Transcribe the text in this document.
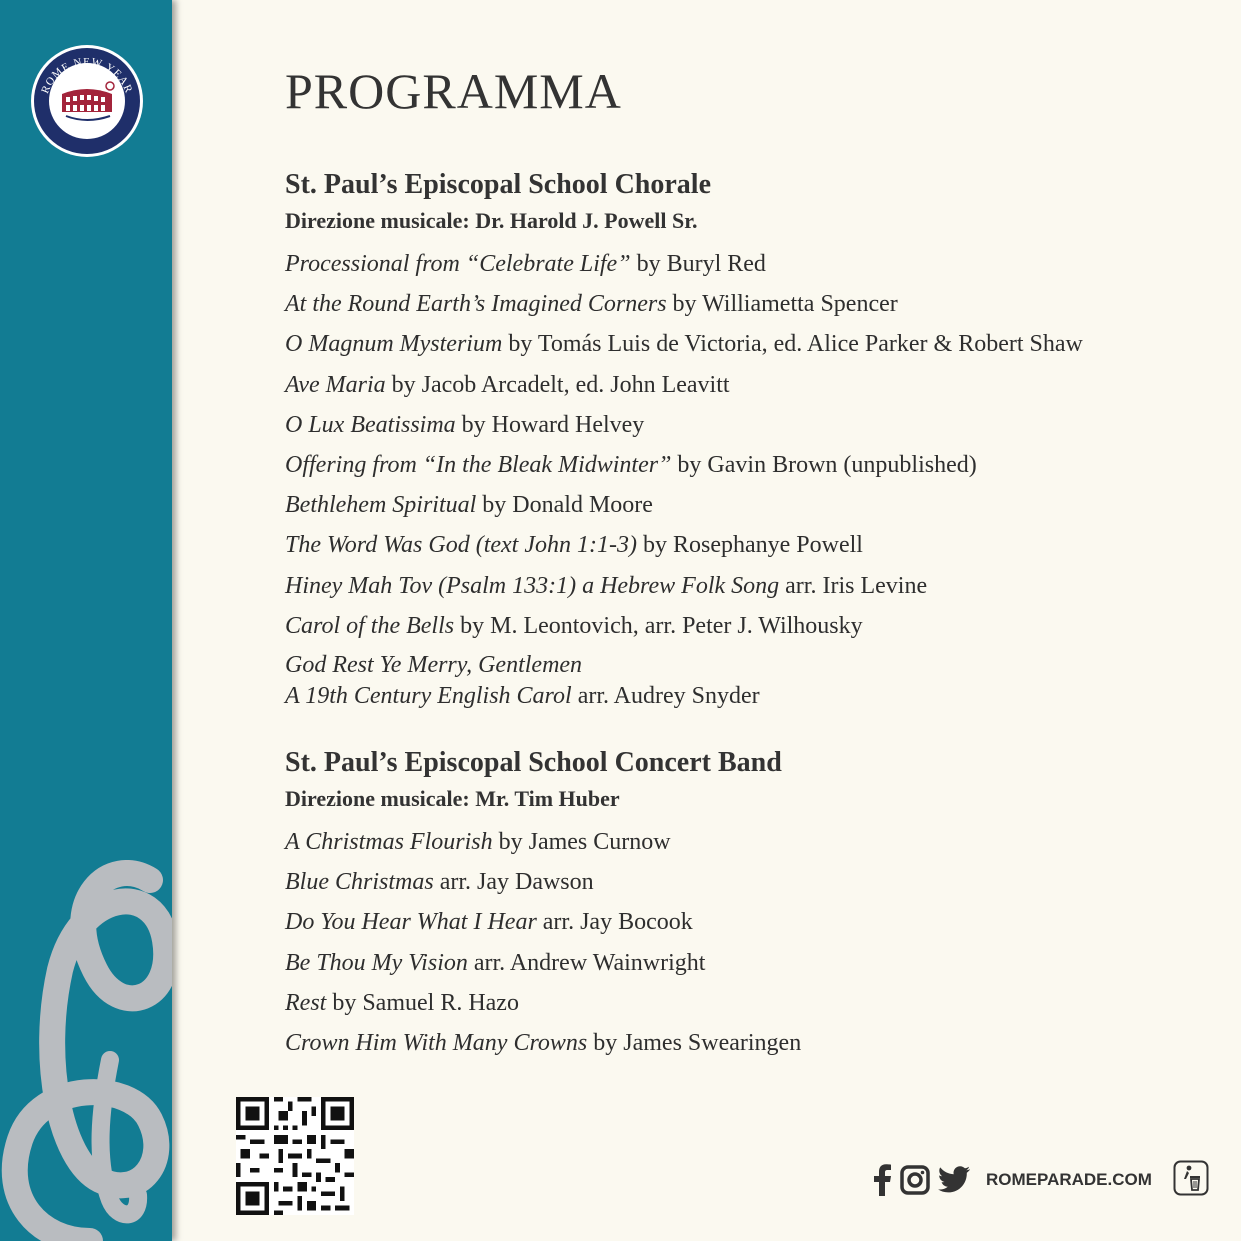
ROME NEW YEAR	PROGRAMMA
St. Paul’s Episcopal School Chorale
Direzione musicale: Dr. Harold J. Powell Sr.
Processional from “Celebrate Life” by Buryl Red
At the Round Earth’s Imagined Corners by Williametta Spencer
O Magnum Mysterium by Tomás Luis de Victoria, ed. Alice Parker & Robert Shaw
Ave Maria by Jacob Arcadelt, ed. John Leavitt
O Lux Beatissima by Howard Helvey
Offering from “In the Bleak Midwinter” by Gavin Brown (unpublished)
Bethlehem Spiritual by Donald Moore
The Word Was God (text John 1:1-3) by Rosephanye Powell
Hiney Mah Tov (Psalm 133:1) a Hebrew Folk Song arr. Iris Levine
Carol of the Bells by M. Leontovich, arr. Peter J. Wilhousky
God Rest Ye Merry, Gentlemen
A 19th Century English Carol arr. Audrey Snyder
St. Paul’s Episcopal School Concert Band
Direzione musicale: Mr. Tim Huber
A Christmas Flourish by James Curnow
Blue Christmas arr. Jay Dawson
Do You Hear What I Hear arr. Jay Bocook
Be Thou My Vision arr. Andrew Wainwright
Rest by Samuel R. Hazo
Crown Him With Many Crowns by James Swearingen
ROMEPARADE.COM
